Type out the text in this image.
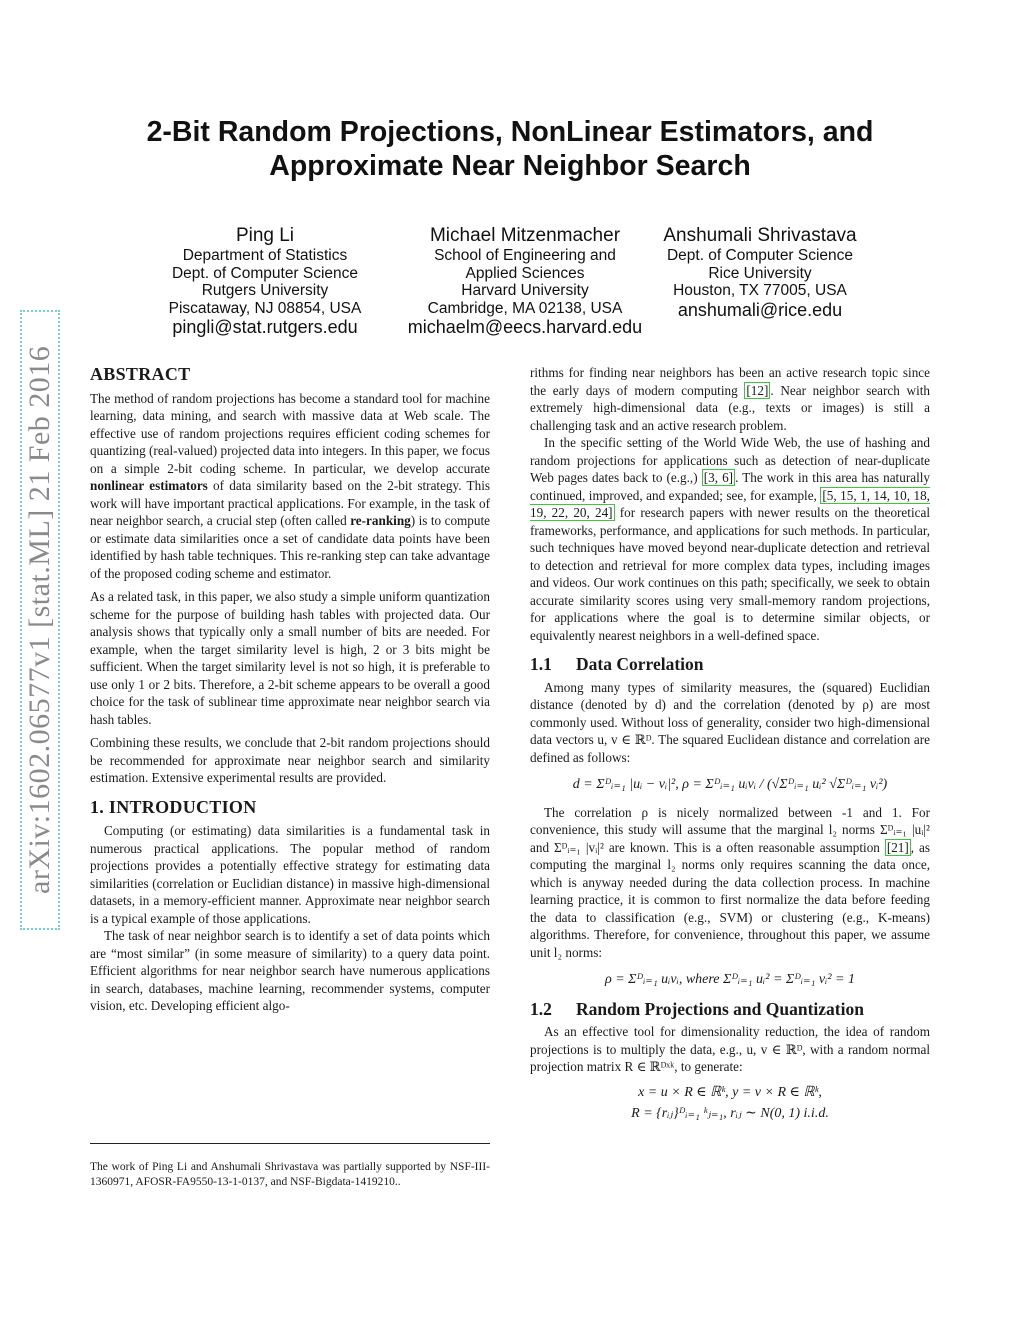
arXiv:1602.06577v1 [stat.ML] 21 Feb 2016
2-Bit Random Projections, NonLinear Estimators, and
Approximate Near Neighbor Search
Ping Li
Department of Statistics
Dept. of Computer Science
Rutgers University
Piscataway, NJ 08854, USA
pingli@stat.rutgers.edu
Michael Mitzenmacher
School of Engineering and
Applied Sciences
Harvard University
Cambridge, MA 02138, USA
michaelm@eecs.harvard.edu
Anshumali Shrivastava
Dept. of Computer Science
Rice University
Houston, TX 77005, USA
anshumali@rice.edu
ABSTRACT

The method of random projections has become a standard tool for machine learning, data mining, and search with massive data at Web scale. The effective use of random projections requires efficient coding schemes for quantizing (real-valued) projected data into integers. In this paper, we focus on a simple 2-bit coding scheme. In particular, we develop accurate nonlinear estimators of data similarity based on the 2-bit strategy. This work will have important practical applications. For example, in the task of near neighbor search, a crucial step (often called re-ranking) is to compute or estimate data similarities once a set of candidate data points have been identified by hash table techniques. This re-ranking step can take advantage of the proposed coding scheme and estimator.

As a related task, in this paper, we also study a simple uniform quantization scheme for the purpose of building hash tables with projected data. Our analysis shows that typically only a small number of bits are needed. For example, when the target similarity level is high, 2 or 3 bits might be sufficient. When the target similarity level is not so high, it is preferable to use only 1 or 2 bits. Therefore, a 2-bit scheme appears to be overall a good choice for the task of sublinear time approximate near neighbor search via hash tables.

Combining these results, we conclude that 2-bit random projections should be recommended for approximate near neighbor search and similarity estimation. Extensive experimental results are provided.

1. INTRODUCTION

Computing (or estimating) data similarities is a fundamental task in numerous practical applications. The popular method of random projections provides a potentially effective strategy for estimating data similarities (correlation or Euclidian distance) in massive high-dimensional datasets, in a memory-efficient manner. Approximate near neighbor search is a typical example of those applications.

The task of near neighbor search is to identify a set of data points which are “most similar” (in some measure of similarity) to a query data point. Efficient algorithms for near neighbor search have numerous applications in search, databases, machine learning, recommender systems, computer vision, etc. Developing efficient algo-

rithms for finding near neighbors has been an active research topic since the early days of modern computing [12] . Near neighbor search with extremely high-dimensional data (e.g., texts or images) is still a challenging task and an active research problem.

In the specific setting of the World Wide Web, the use of hashing and random projections for applications such as detection of near-duplicate Web pages dates back to (e.g.,) [3, 6] . The work in this area has naturally continued, improved, and expanded; see, for example, [5, 15, 1, 14, 10, 18, 19, 22, 20, 24] for research papers with newer results on the theoretical frameworks, performance, and applications for such methods. In particular, such techniques have moved beyond near-duplicate detection and retrieval to detection and retrieval for more complex data types, including images and videos. Our work continues on this path; specifically, we seek to obtain accurate similarity scores using very small-memory random projections, for applications where the goal is to determine similar objects, or equivalently nearest neighbors in a well-defined space.

1.1 Data Correlation

Among many types of similarity measures, the (squared) Euclidian distance (denoted by d) and the correlation (denoted by ρ) are most commonly used. Without loss of generality, consider two high-dimensional data vectors u, v ∈ ℝᴰ. The squared Euclidean distance and correlation are defined as follows:

d = Σᴰᵢ₌₁ |uᵢ − vᵢ|², ρ = Σᴰᵢ₌₁ uᵢvᵢ / (√Σᴰᵢ₌₁ uᵢ² √Σᴰᵢ₌₁ vᵢ²)

The correlation ρ is nicely normalized between -1 and 1. For convenience, this study will assume that the marginal l₂ norms Σᴰᵢ₌₁ |uᵢ|² and Σᴰᵢ₌₁ |vᵢ|² are known. This is a often reasonable assumption [21] , as computing the marginal l₂ norms only requires scanning the data once, which is anyway needed during the data collection process. In machine learning practice, it is common to first normalize the data before feeding the data to classification (e.g., SVM) or clustering (e.g., K-means) algorithms. Therefore, for convenience, throughout this paper, we assume unit l₂ norms:

ρ = Σᴰᵢ₌₁ uᵢvᵢ, where Σᴰᵢ₌₁ uᵢ² = Σᴰᵢ₌₁ vᵢ² = 1
1.2 Random Projections and Quantization

As an effective tool for dimensionality reduction, the idea of random projections is to multiply the data, e.g., u, v ∈ ℝᴰ, with a random normal projection matrix R ∈ ℝᴰˣᵏ, to generate:

x = u × R ∈ ℝᵏ, y = v × R ∈ ℝᵏ,
R = {rᵢⱼ}ᴰᵢ₌₁ ᵏⱼ₌₁, rᵢⱼ ∼ N(0, 1) i.i.d.
The work of Ping Li and Anshumali Shrivastava was partially supported by NSF-III-1360971, AFOSR-FA9550-13-1-0137, and NSF-Bigdata-1419210..
